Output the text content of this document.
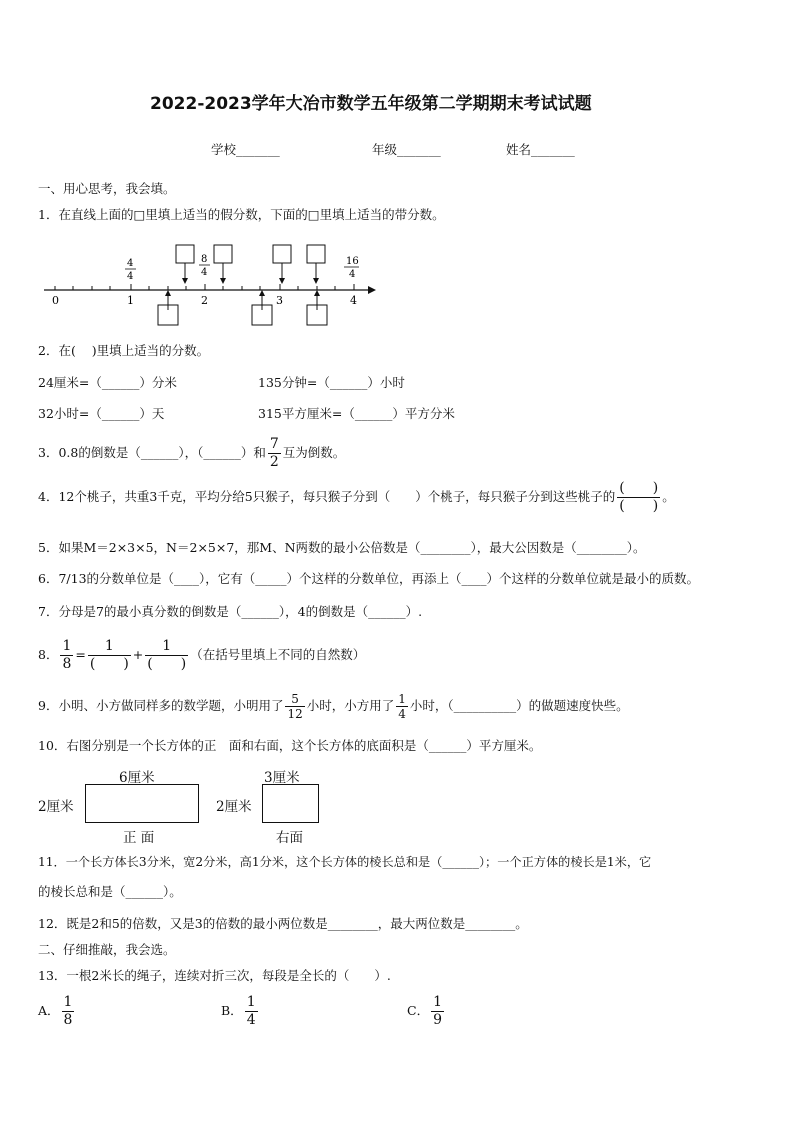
2022-2023学年大冶市数学五年级第二学期期末考试试题
学校_______	年级_______	姓名_______
一、用心思考，我会填。
1．在直线上面的□里填上适当的假分数，下面的□里填上适当的带分数。
0	1	2	3	4
4
4
8
4
16
4
2．在( )里填上适当的分数。
24厘米=（______）分米	135分钟=（______）小时
32小时=（______）天	315平方厘米=（______）平方分米
3．0.8的倒数是（______），（______）和 $\frac{7}{2}$ 互为倒数。
4．12个桃子，共重3千克，平均分给5只猴子，每只猴子分到（　　）个桃子，每只猴子分到这些桃子的 $\frac{( )}{( )}$ 。
5．如果M＝2×3×5，N＝2×5×7，那M、N两数的最小公倍数是（________），最大公因数是（________）。
6．7/13的分数单位是（____），它有（_____）个这样的分数单位，再添上（____）个这样的分数单位就是最小的质数。
7．分母是7的最小真分数的倒数是（______），4的倒数是（______）.
8． $\frac{1}{8} = \frac{1}{( )} + \frac{1}{( )}$ （在括号里填上不同的自然数）
9．小明、小方做同样多的数学题，小明用了 $\frac{5}{12}$ 小时，小方用了 $\frac{1}{4}$ 小时，（__________）的做题速度快些。
10．右图分别是一个长方体的正　面和右面，这个长方体的底面积是（______）平方厘米。
6厘米
2厘米
正 面
3厘米
2厘米
右面
11．一个长方体长3分米，宽2分米，高1分米，这个长方体的棱长总和是（______）；一个正方体的棱长是1米，它
的棱长总和是（______）。
12．既是2和5的倍数，又是3的倍数的最小两位数是________，最大两位数是________。
二、仔细推敲，我会选。
13．一根2米长的绳子，连续对折三次，每段是全长的（　　）.
A． $\frac{1}{8}$	B． $\frac{1}{4}$	C． $\frac{1}{9}$
